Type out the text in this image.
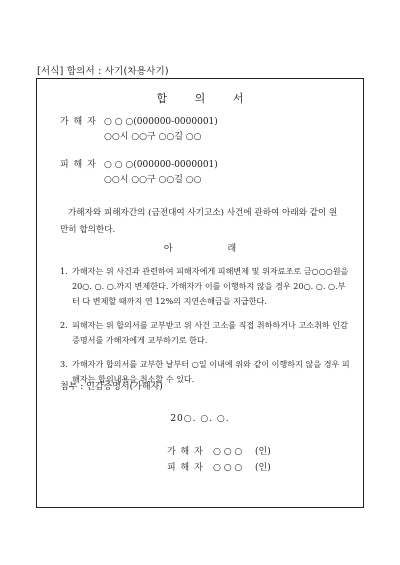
[서식] 합의서 : 사기(차용사기)
합	의	서
가 해 자 ○ ○ ○(000000-0000001)
○○시 ○○구 ○○길 ○○
피 해 자 ○ ○ ○(000000-0000001)
○○시 ○○구 ○○길 ○○
가해자와 피해자간의 (금전대여 사기고소) 사건에 관하여 아래와 같이 원만히 합의한다.
아	래
1. 가해자는 위 사건과 관련하여 피해자에게 피해변제 및 위자료조로 금○○○원을 20○. ○. ○.까지 변제한다. 가해자가 이를 이행하지 않을 경우 20○. ○. ○.부터 다 변제할 때까지 연 12%의 지연손해금을 지급한다.
2. 피해자는 위 합의서를 교부받고 위 사건 고소를 직접 취하하거나 고소취하 인감증명서를 가해자에게 교부하기로 한다.
3. 가해자가 합의서를 교부한 날부터 ○일 이내에 위와 같이 이행하지 않을 경우 피해자는 합의내용을 취소할 수 있다.
첨부 : 인감증명서(가해자)
20○. ○. ○.
가 해 자 ○ ○ ○ (인)
피 해 자 ○ ○ ○ (인)
